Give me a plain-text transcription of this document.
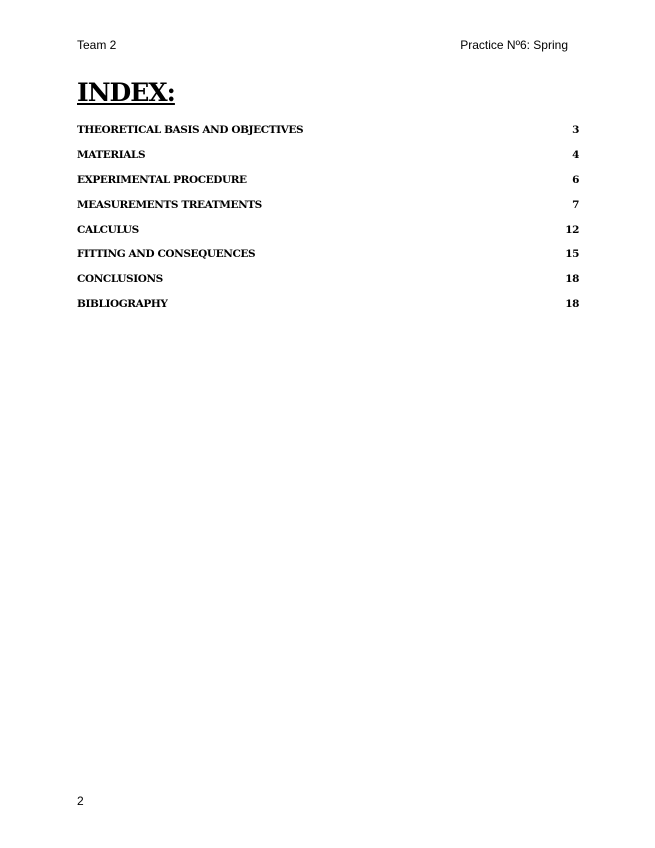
Team 2	Practice Nº6: Spring
INDEX:
THEORETICAL BASIS AND OBJECTIVES	3
MATERIALS	4
EXPERIMENTAL PROCEDURE	6
MEASUREMENTS TREATMENTS	7
CALCULUS	12
FITTING AND CONSEQUENCES	15
CONCLUSIONS	18
BIBLIOGRAPHY	18
2
